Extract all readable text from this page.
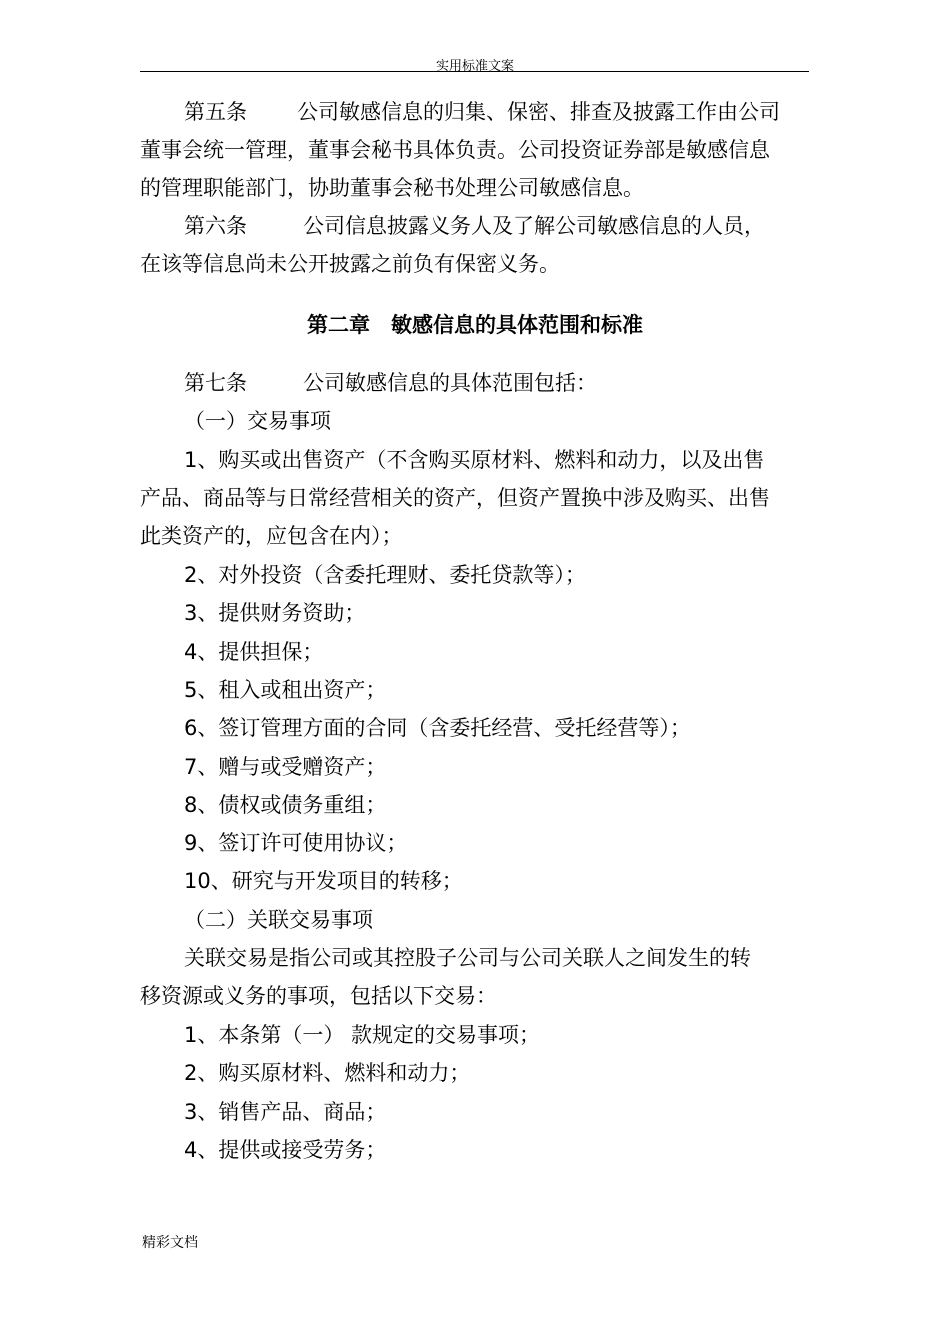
实用标准文案
第五条 公司敏感信息的归集、保密、排查及披露工作由公司
董事会统一管理，董事会秘书具体负责。公司投资证券部是敏感信息
的管理职能部门，协助董事会秘书处理公司敏感信息。
第六条	公司信息披露义务人及了解公司敏感信息的人员，
在该等信息尚未公开披露之前负有保密义务。
第二章　敏感信息的具体范围和标准
第七条	公司敏感信息的具体范围包括：
（一）交易事项
1、购买或出售资产（不含购买原材料、燃料和动力，以及出售
产品、商品等与日常经营相关的资产，但资产置换中涉及购买、出售
此类资产的，应包含在内）；
2、对外投资（含委托理财、委托贷款等）；
3、提供财务资助；
4、提供担保；
5、租入或租出资产；
6、签订管理方面的合同（含委托经营、受托经营等）；
7、赠与或受赠资产；
8、债权或债务重组；
9、签订许可使用协议；
10、研究与开发项目的转移；
（二）关联交易事项
关联交易是指公司或其控股子公司与公司关联人之间发生的转
移资源或义务的事项，包括以下交易：
1、本条第（一） 款规定的交易事项；
2、购买原材料、燃料和动力；
3、销售产品、商品；
4、提供或接受劳务；
精彩文档
